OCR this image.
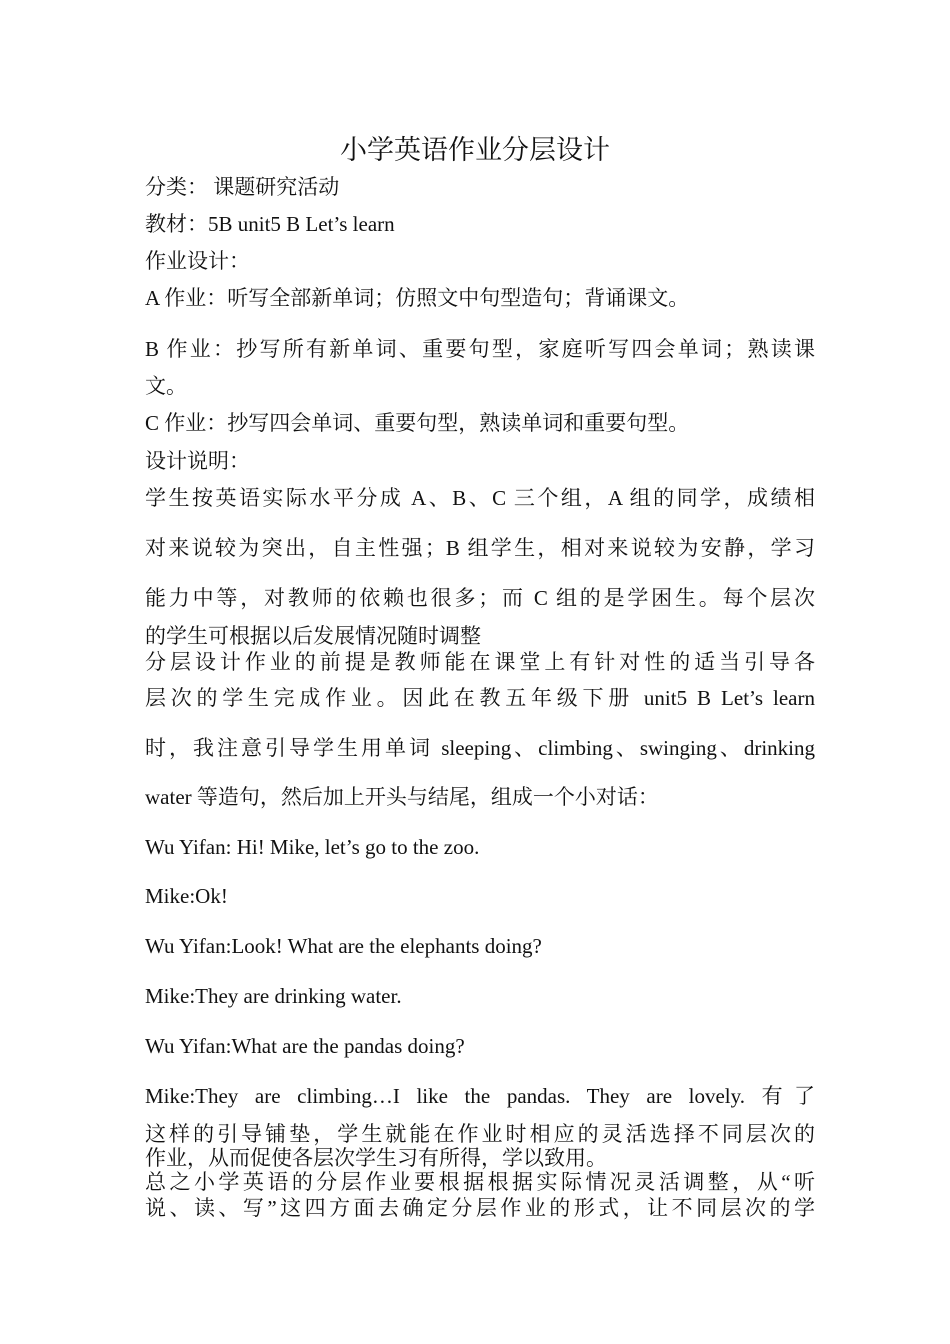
小学英语作业分层设计
分类： 课题研究活动
教材：5B unit5 B Let’s learn
作业设计：
A 作业：听写全部新单词；仿照文中句型造句；背诵课文。
B 作业：抄写所有新单词、重要句型，家庭听写四会单词；熟读课
文。
C 作业：抄写四会单词、重要句型，熟读单词和重要句型。
设计说明：
学生按英语实际水平分成 A、B、C 三个组，A 组的同学，成绩相
对来说较为突出，自主性强；B 组学生，相对来说较为安静，学习
能力中等，对教师的依赖也很多；而 C 组的是学困生。每个层次
的学生可根据以后发展情况随时调整
分层设计作业的前提是教师能在课堂上有针对性的适当引导各
层次的学生完成作业。因此在教五年级下册 unit5 B Let’s learn
时，我注意引导学生用单词 sleeping、climbing、swinging、drinking
water 等造句，然后加上开头与结尾，组成一个小对话：
Wu Yifan: Hi! Mike, let’s go to the zoo.
Mike:Ok!
Wu Yifan:Look! What are the elephants doing?
Mike:They are drinking water.
Wu Yifan:What are the pandas doing?
Mike:They are climbing…I like the pandas. They are lovely. 有了
这样的引导铺垫，学生就能在作业时相应的灵活选择不同层次的
作业，从而促使各层次学生习有所得，学以致用。
总之小学英语的分层作业要根据根据实际情况灵活调整，从“听
说、读、写”这四方面去确定分层作业的形式，让不同层次的学
